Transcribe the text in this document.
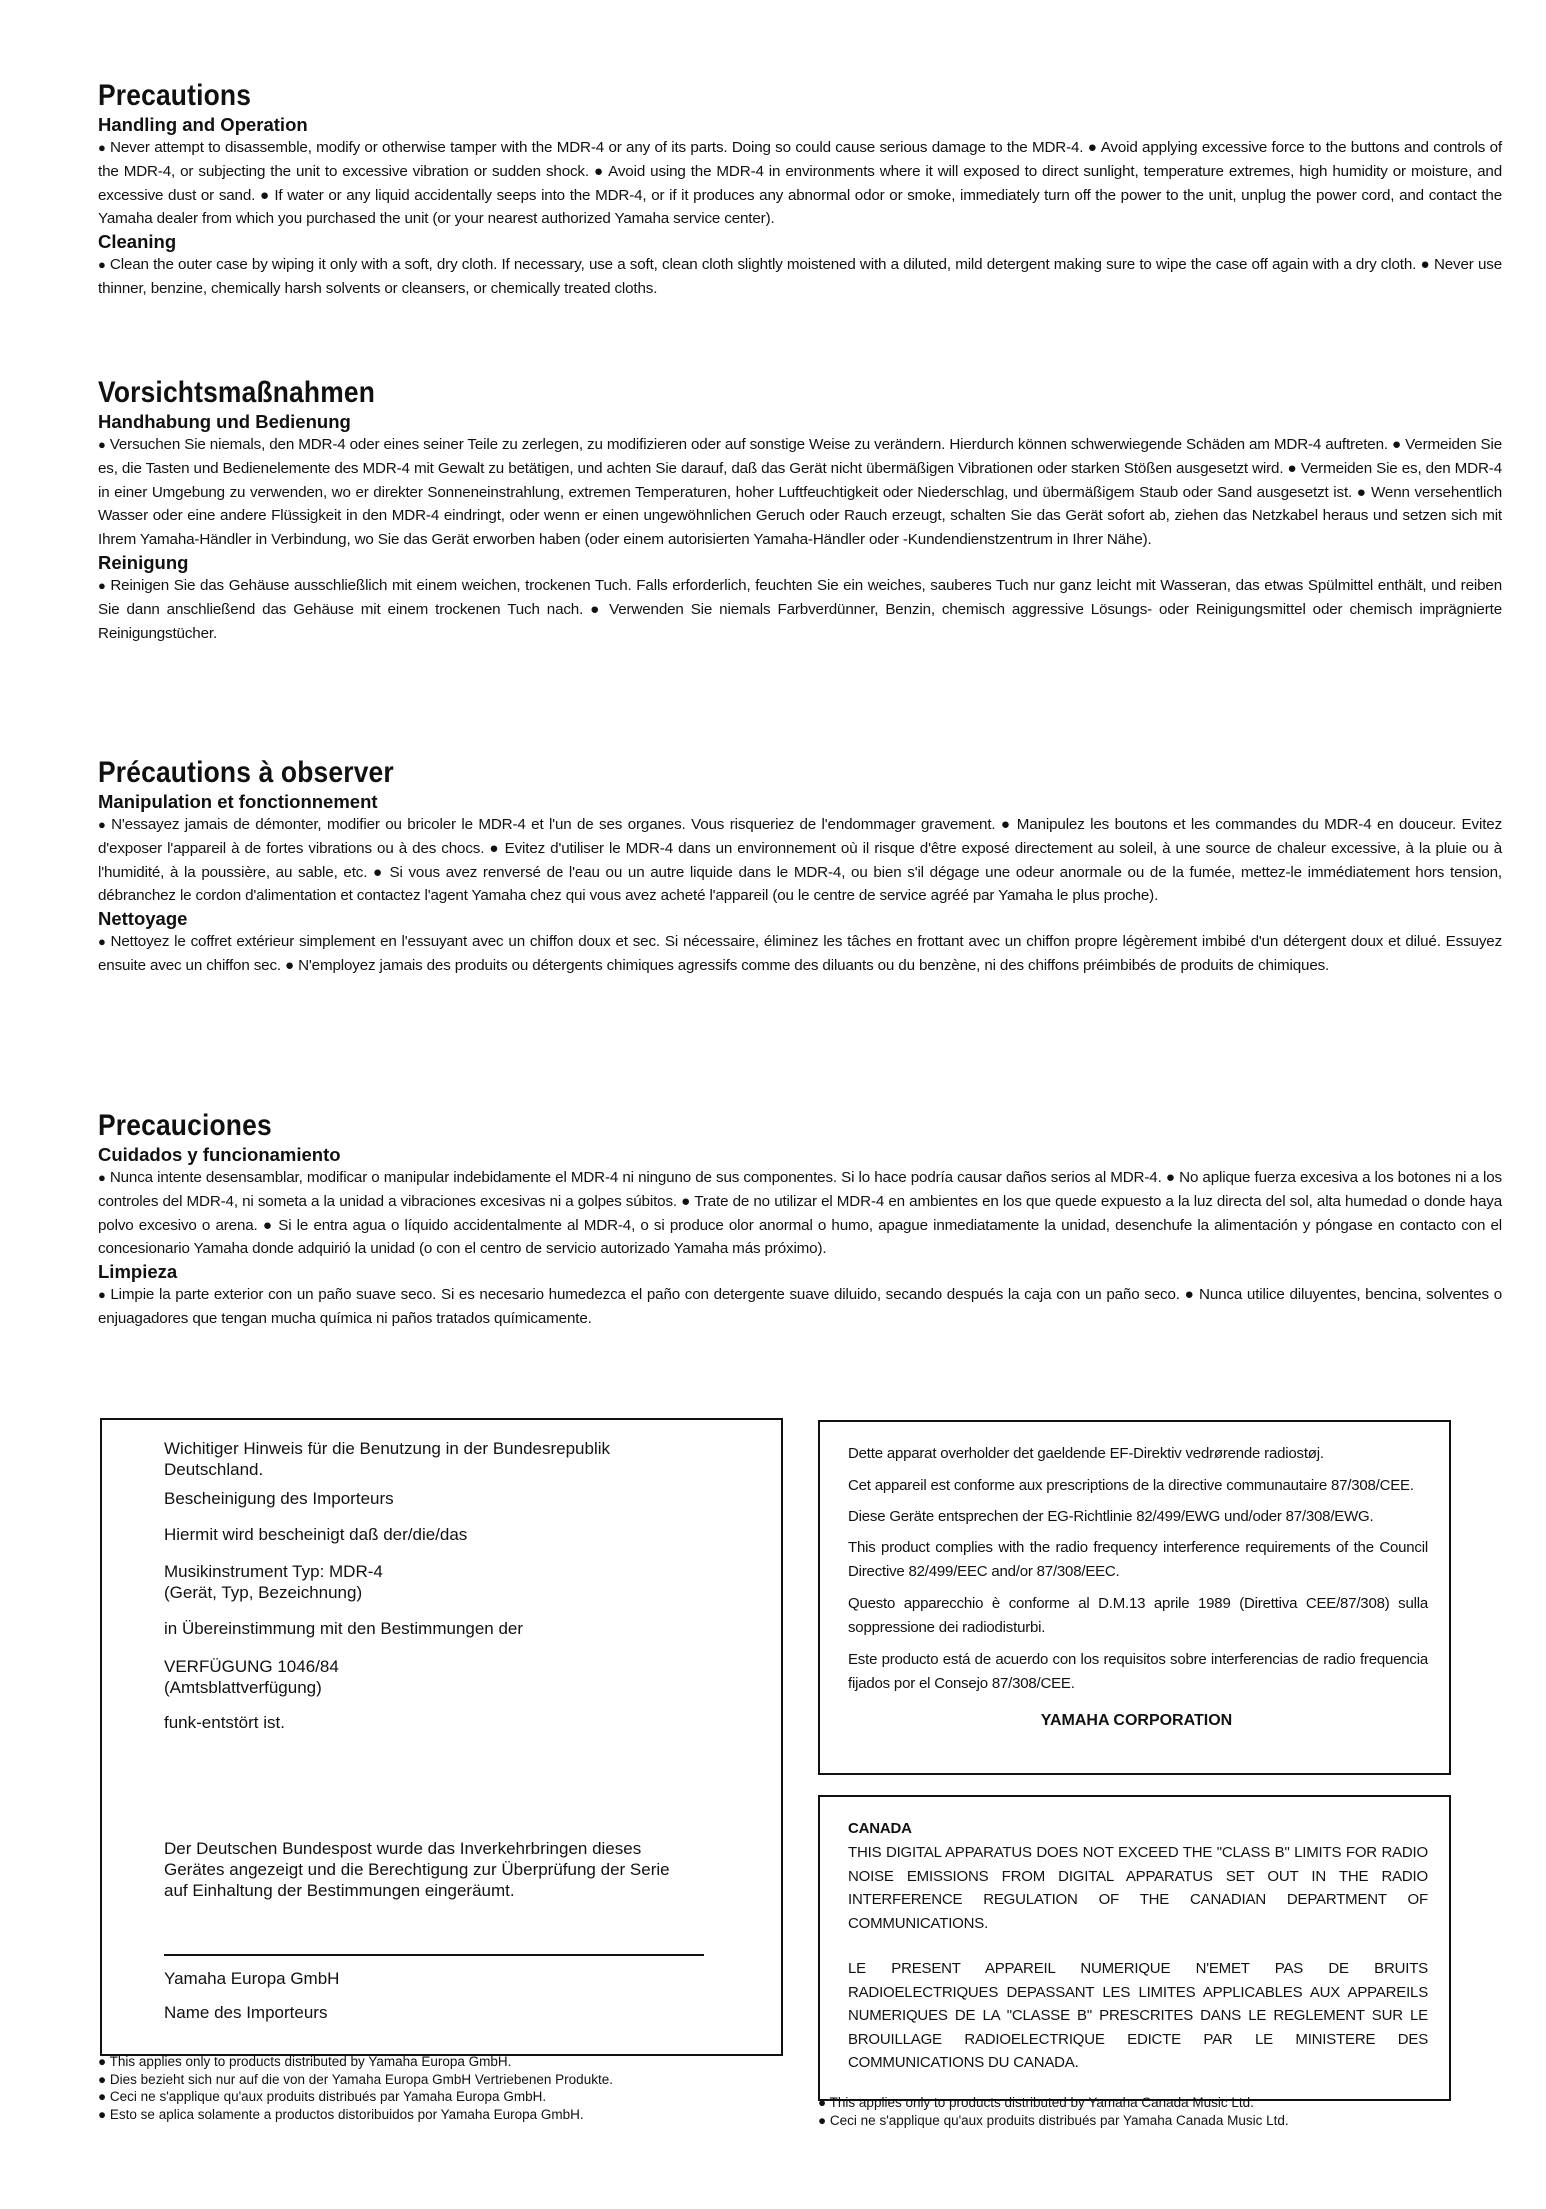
Precautions
Handling and Operation

● Never attempt to disassemble, modify or otherwise tamper with the MDR-4 or any of its parts. Doing so could cause serious damage to the MDR-4. ● Avoid applying excessive force to the buttons and controls of the MDR-4, or subjecting the unit to excessive vibration or sudden shock. ● Avoid using the MDR-4 in environments where it will exposed to direct sunlight, temperature extremes, high humidity or moisture, and excessive dust or sand. ● If water or any liquid accidentally seeps into the MDR-4, or if it produces any abnormal odor or smoke, immediately turn off the power to the unit, unplug the power cord, and contact the Yamaha dealer from which you purchased the unit (or your nearest authorized Yamaha service center).

Cleaning

● Clean the outer case by wiping it only with a soft, dry cloth. If necessary, use a soft, clean cloth slightly moistened with a diluted, mild detergent making sure to wipe the case off again with a dry cloth. ● Never use thinner, benzine, chemically harsh solvents or cleansers, or chemically treated cloths.

Vorsichtsmaßnahmen
Handhabung und Bedienung

● Versuchen Sie niemals, den MDR-4 oder eines seiner Teile zu zerlegen, zu modifizieren oder auf sonstige Weise zu verändern. Hierdurch können schwerwiegende Schäden am MDR-4 auftreten. ● Vermeiden Sie es, die Tasten und Bedienelemente des MDR-4 mit Gewalt zu betätigen, und achten Sie darauf, daß das Gerät nicht übermäßigen Vibrationen oder starken Stößen ausgesetzt wird. ● Vermeiden Sie es, den MDR-4 in einer Umgebung zu verwenden, wo er direkter Sonneneinstrahlung, extremen Temperaturen, hoher Luftfeuchtigkeit oder Niederschlag, und übermäßigem Staub oder Sand ausgesetzt ist. ● Wenn versehentlich Wasser oder eine andere Flüssigkeit in den MDR-4 eindringt, oder wenn er einen ungewöhnlichen Geruch oder Rauch erzeugt, schalten Sie das Gerät sofort ab, ziehen das Netzkabel heraus und setzen sich mit Ihrem Yamaha-Händler in Verbindung, wo Sie das Gerät erworben haben (oder einem autorisierten Yamaha-Händler oder -Kundendienstzentrum in Ihrer Nähe).

Reinigung

● Reinigen Sie das Gehäuse ausschließlich mit einem weichen, trockenen Tuch. Falls erforderlich, feuchten Sie ein weiches, sauberes Tuch nur ganz leicht mit Wasseran, das etwas Spülmittel enthält, und reiben Sie dann anschließend das Gehäuse mit einem trockenen Tuch nach. ● Verwenden Sie niemals Farbverdünner, Benzin, chemisch aggressive Lösungs- oder Reinigungsmittel oder chemisch imprägnierte Reinigungstücher.

Précautions à observer
Manipulation et fonctionnement

● N'essayez jamais de démonter, modifier ou bricoler le MDR-4 et l'un de ses organes. Vous risqueriez de l'endommager gravement. ● Manipulez les boutons et les commandes du MDR-4 en douceur. Evitez d'exposer l'appareil à de fortes vibrations ou à des chocs. ● Evitez d'utiliser le MDR-4 dans un environnement où il risque d'être exposé directement au soleil, à une source de chaleur excessive, à la pluie ou à l'humidité, à la poussière, au sable, etc. ● Si vous avez renversé de l'eau ou un autre liquide dans le MDR-4, ou bien s'il dégage une odeur anormale ou de la fumée, mettez-le immédiatement hors tension, débranchez le cordon d'alimentation et contactez l'agent Yamaha chez qui vous avez acheté l'appareil (ou le centre de service agréé par Yamaha le plus proche).

Nettoyage

● Nettoyez le coffret extérieur simplement en l'essuyant avec un chiffon doux et sec. Si nécessaire, éliminez les tâches en frottant avec un chiffon propre légèrement imbibé d'un détergent doux et dilué. Essuyez ensuite avec un chiffon sec. ● N'employez jamais des produits ou détergents chimiques agressifs comme des diluants ou du benzène, ni des chiffons préimbibés de produits de chimiques.

Precauciones
Cuidados y funcionamiento

● Nunca intente desensamblar, modificar o manipular indebidamente el MDR-4 ni ninguno de sus componentes. Si lo hace podría causar daños serios al MDR-4. ● No aplique fuerza excesiva a los botones ni a los controles del MDR-4, ni someta a la unidad a vibraciones excesivas ni a golpes súbitos. ● Trate de no utilizar el MDR-4 en ambientes en los que quede expuesto a la luz directa del sol, alta humedad o donde haya polvo excesivo o arena. ● Si le entra agua o líquido accidentalmente al MDR-4, o si produce olor anormal o humo, apague inmediatamente la unidad, desenchufe la alimentación y póngase en contacto con el concesionario Yamaha donde adquirió la unidad (o con el centro de servicio autorizado Yamaha más próximo).

Limpieza

● Limpie la parte exterior con un paño suave seco. Si es necesario humedezca el paño con detergente suave diluido, secando después la caja con un paño seco. ● Nunca utilice diluyentes, bencina, solventes o enjuagadores que tengan mucha química ni paños tratados químicamente.

Wichitiger Hinweis für die Benutzung in der Bundesrepublik Deutschland.
Bescheinigung des Importeurs
Hiermit wird bescheinigt daß der/die/das
Musikinstrument Typ: MDR-4
(Gerät, Typ, Bezeichnung)
in Übereinstimmung mit den Bestimmungen der
VERFÜGUNG 1046/84
(Amtsblattverfügung)
funk-entstört ist.
Der Deutschen Bundespost wurde das Inverkehrbringen dieses Gerätes angezeigt und die Berechtigung zur Überprüfung der Serie auf Einhaltung der Bestimmungen eingeräumt.
Yamaha Europa GmbH
Name des Importeurs
● This applies only to products distributed by Yamaha Europa GmbH.
● Dies bezieht sich nur auf die von der Yamaha Europa GmbH Vertriebenen Produkte.
● Ceci ne s'applique qu'aux produits distribués par Yamaha Europa GmbH.
● Esto se aplica solamente a productos distoribuidos por Yamaha Europa GmbH.
Dette apparat overholder det gaeldende EF-Direktiv vedrørende radiostøj.
Cet appareil est conforme aux prescriptions de la directive communautaire 87/308/CEE.
Diese Geräte entsprechen der EG-Richtlinie 82/499/EWG und/oder 87/308/EWG.
This product complies with the radio frequency interference requirements of the Council Directive 82/499/EEC and/or 87/308/EEC.
Questo apparecchio è conforme al D.M.13 aprile 1989 (Direttiva CEE/87/308) sulla soppressione dei radiodisturbi.
Este producto está de acuerdo con los requisitos sobre interferencias de radio frequencia fijados por el Consejo 87/308/CEE.
YAMAHA CORPORATION
CANADA
THIS DIGITAL APPARATUS DOES NOT EXCEED THE "CLASS B" LIMITS FOR RADIO NOISE EMISSIONS FROM DIGITAL APPARATUS SET OUT IN THE RADIO INTERFERENCE REGULATION OF THE CANADIAN DEPARTMENT OF COMMUNICATIONS.
LE PRESENT APPAREIL NUMERIQUE N'EMET PAS DE BRUITS RADIOELECTRIQUES DEPASSANT LES LIMITES APPLICABLES AUX APPAREILS NUMERIQUES DE LA "CLASSE B" PRESCRITES DANS LE REGLEMENT SUR LE BROUILLAGE RADIOELECTRIQUE EDICTE PAR LE MINISTERE DES COMMUNICATIONS DU CANADA.
● This applies only to products distributed by Yamaha Canada Music Ltd.
● Ceci ne s'applique qu'aux produits distribués par Yamaha Canada Music Ltd.
